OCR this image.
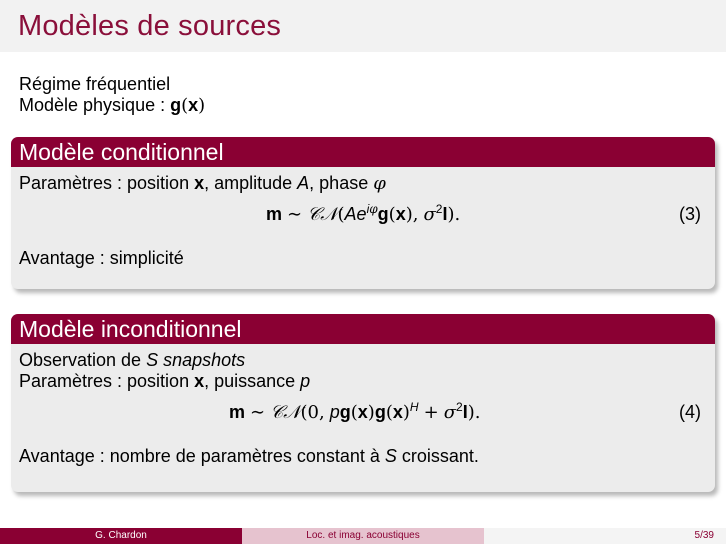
Modèles de sources
Régime fréquentiel
Modèle physique : g(x)
Modèle conditionnel
Paramètres : position x, amplitude A, phase φ
m ∼ $𝒞𝒩(Ae^{i\varphi}g(x)$, $\sigma^2I$).	(3)
Avantage : simplicité
Modèle inconditionnel
Observation de S snapshots
Paramètres : position x, puissance p
m ∼ 𝒞𝒩(0, $pg(x)g(x)^H + \sigma^2I$).	(4)
Avantage : nombre de paramètres constant à S croissant.
G. Chardon	Loc. et imag. acoustiques	5/39
